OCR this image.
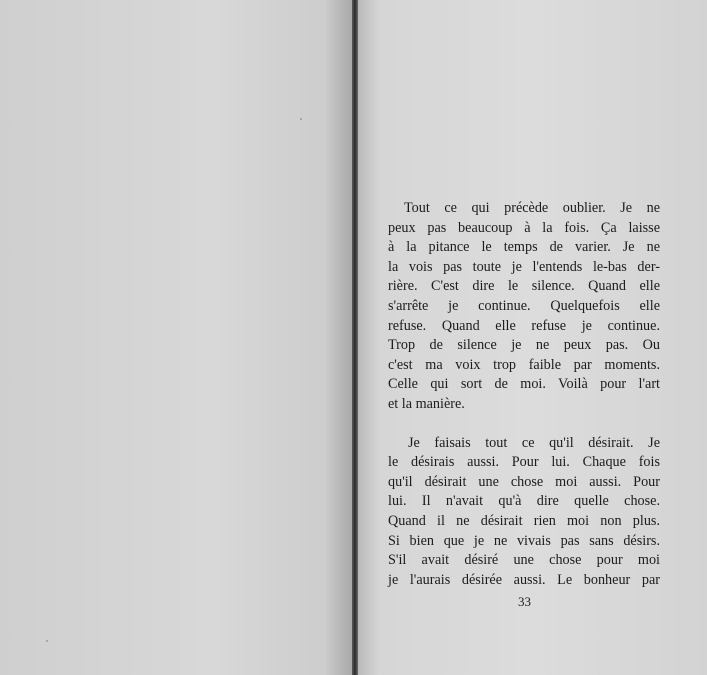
Tout ce qui précède oublier. Je ne
peux pas beaucoup à la fois. Ça laisse
à la pitance le temps de varier. Je ne
la vois pas toute je l'entends le-bas der-
rière. C'est dire le silence. Quand elle
s'arrête je continue. Quelquefois elle
refuse. Quand elle refuse je continue.
Trop de silence je ne peux pas. Ou
c'est ma voix trop faible par moments.
Celle qui sort de moi. Voilà pour l'art
et la manière.
Je faisais tout ce qu'il désirait. Je
le désirais aussi. Pour lui. Chaque fois
qu'il désirait une chose moi aussi. Pour
lui. Il n'avait qu'à dire quelle chose.
Quand il ne désirait rien moi non plus.
Si bien que je ne vivais pas sans désirs.
S'il avait désiré une chose pour moi
je l'aurais désirée aussi. Le bonheur par
33
